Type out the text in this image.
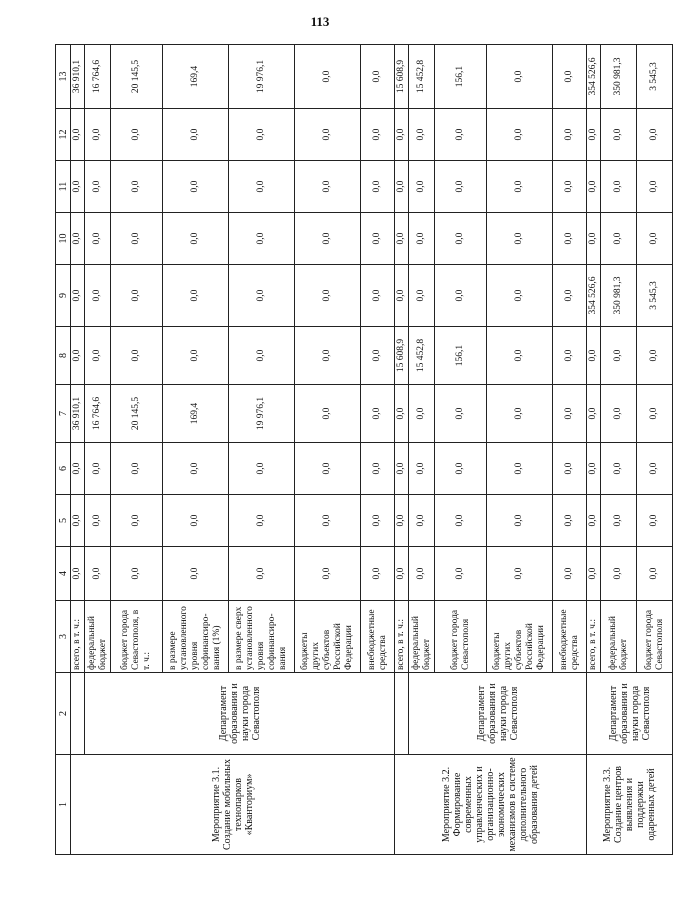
113
1	2	3	4	5	6	7	8	9	10	11	12	13
Мероприятие 3.1. Создание мобильных технопарков «Кванториум»		всего, в т. ч.:	0,0	0,0	0,0	36 910,1	0,0	0,0	0,0	0,0	0,0	36 910,1
	Департамент образования и науки города Севастополя	федеральный бюджет	0,0	0,0	0,0	16 764,6	0,0	0,0	0,0	0,0	0,0	16 764,6
		бюджет города Севастополя, в т. ч.:	0,0	0,0	0,0	20 145,5	0,0	0,0	0,0	0,0	0,0	20 145,5
		в размере установленного уровня софинансиро-вания (1%)	0,0	0,0	0,0	169,4	0,0	0,0	0,0	0,0	0,0	169,4
		в размере сверх установленного уровня софинансиро-вания	0,0	0,0	0,0	19 976,1	0,0	0,0	0,0	0,0	0,0	19 976,1
		бюджеты других субъектов Российской Федерации	0,0	0,0	0,0	0,0	0,0	0,0	0,0	0,0	0,0	0,0
		внебюджетные средства	0,0	0,0	0,0	0,0	0,0	0,0	0,0	0,0	0,0	0,0
Мероприятие 3.2. Формирование современных управленческих и организационно-экономических механизмов в системе дополнительного образования детей		всего, в т. ч.:	0,0	0,0	0,0	0,0	15 608,9	0,0	0,0	0,0	0,0	15 608,9
	Департамент образования и науки города Севастополя	федеральный бюджет	0,0	0,0	0,0	0,0	15 452,8	0,0	0,0	0,0	0,0	15 452,8
		бюджет города Севастополя	0,0	0,0	0,0	0,0	156,1	0,0	0,0	0,0	0,0	156,1
		бюджеты других субъектов Российской Федерации	0,0	0,0	0,0	0,0	0,0	0,0	0,0	0,0	0,0	0,0
		внебюджетные средства	0,0	0,0	0,0	0,0	0,0	0,0	0,0	0,0	0,0	0,0
Мероприятие 3.3. Создание центров выявления и поддержки одаренных детей	Департамент образования и науки города Севастополя	всего, в т. ч.:	0,0	0,0	0,0	0,0	0,0	354 526,6	0,0	0,0	0,0	354 526,6
		федеральный бюджет	0,0	0,0	0,0	0,0	0,0	350 981,3	0,0	0,0	0,0	350 981,3
		бюджет города Севастополя	0,0	0,0	0,0	0,0	0,0	3 545,3	0,0	0,0	0,0	3 545,3
